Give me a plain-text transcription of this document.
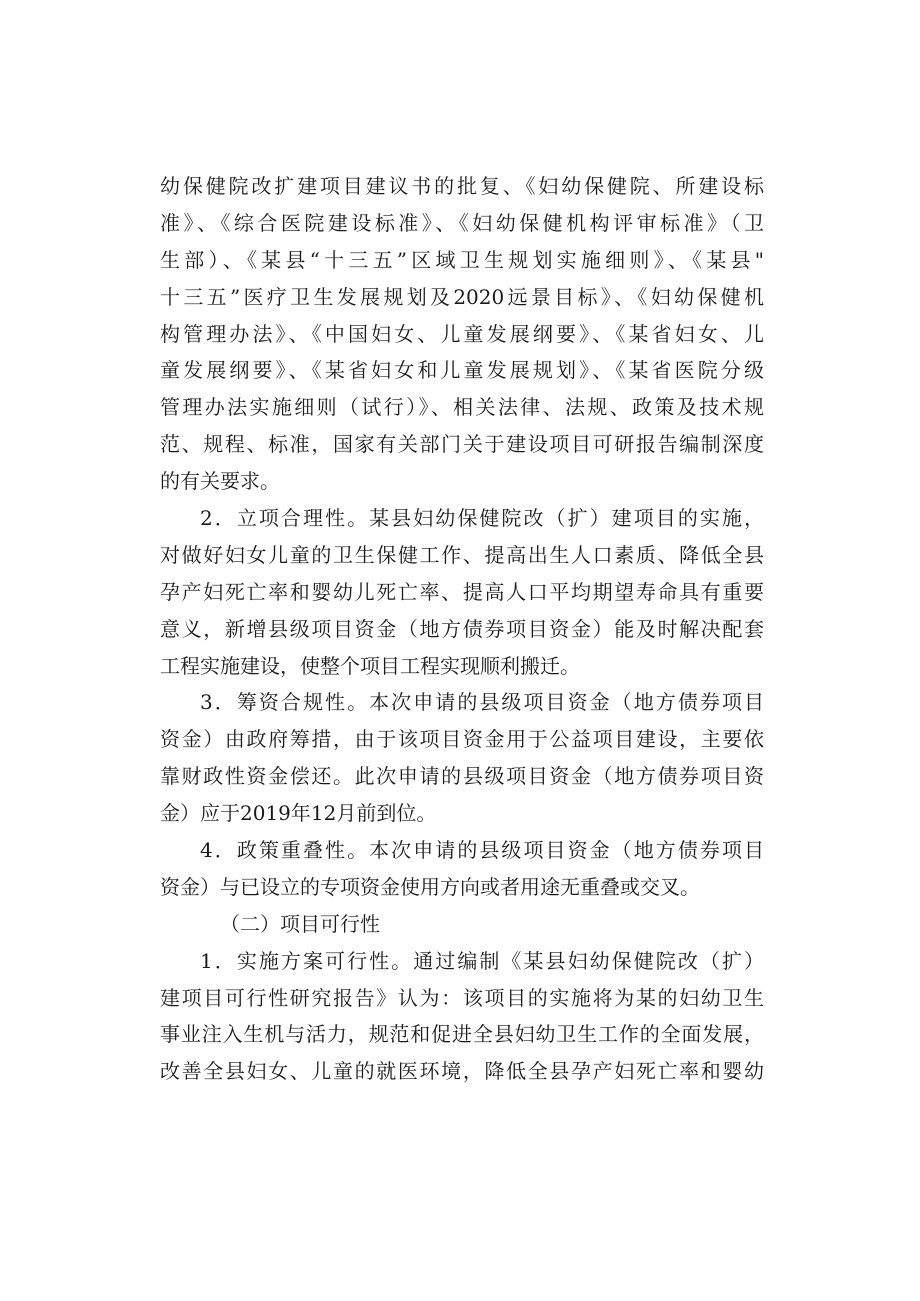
幼保健院改扩建项目建议书的批复、《妇幼保健院、所建设标
准》、《综合医院建设标准》、《妇幼保健机构评审标准》（卫
生部）、《某县“十三五”区域卫生规划实施细则》、《某县"
十三五”医疗卫生发展规划及2020远景目标》、《妇幼保健机
构管理办法》、《中国妇女、儿童发展纲要》、《某省妇女、儿
童发展纲要》、《某省妇女和儿童发展规划》、《某省医院分级
管理办法实施细则（试行）》、相关法律、法规、政策及技术规
范、规程、标准，国家有关部门关于建设项目可研报告编制深度
的有关要求。
2．立项合理性。某县妇幼保健院改（扩）建项目的实施，
对做好妇女儿童的卫生保健工作、提高出生人口素质、降低全县
孕产妇死亡率和婴幼儿死亡率、提高人口平均期望寿命具有重要
意义，新增县级项目资金（地方债券项目资金）能及时解决配套
工程实施建设，使整个项目工程实现顺利搬迁。
3．筹资合规性。本次申请的县级项目资金（地方债券项目
资金）由政府筹措，由于该项目资金用于公益项目建设，主要依
靠财政性资金偿还。此次申请的县级项目资金（地方债券项目资
金）应于2019年12月前到位。
4．政策重叠性。本次申请的县级项目资金（地方债券项目
资金）与已设立的专项资金使用方向或者用途无重叠或交叉。
（二）项目可行性
1．实施方案可行性。通过编制《某县妇幼保健院改（扩）
建项目可行性研究报告》认为：该项目的实施将为某的妇幼卫生
事业注入生机与活力，规范和促进全县妇幼卫生工作的全面发展，
改善全县妇女、儿童的就医环境，降低全县孕产妇死亡率和婴幼
